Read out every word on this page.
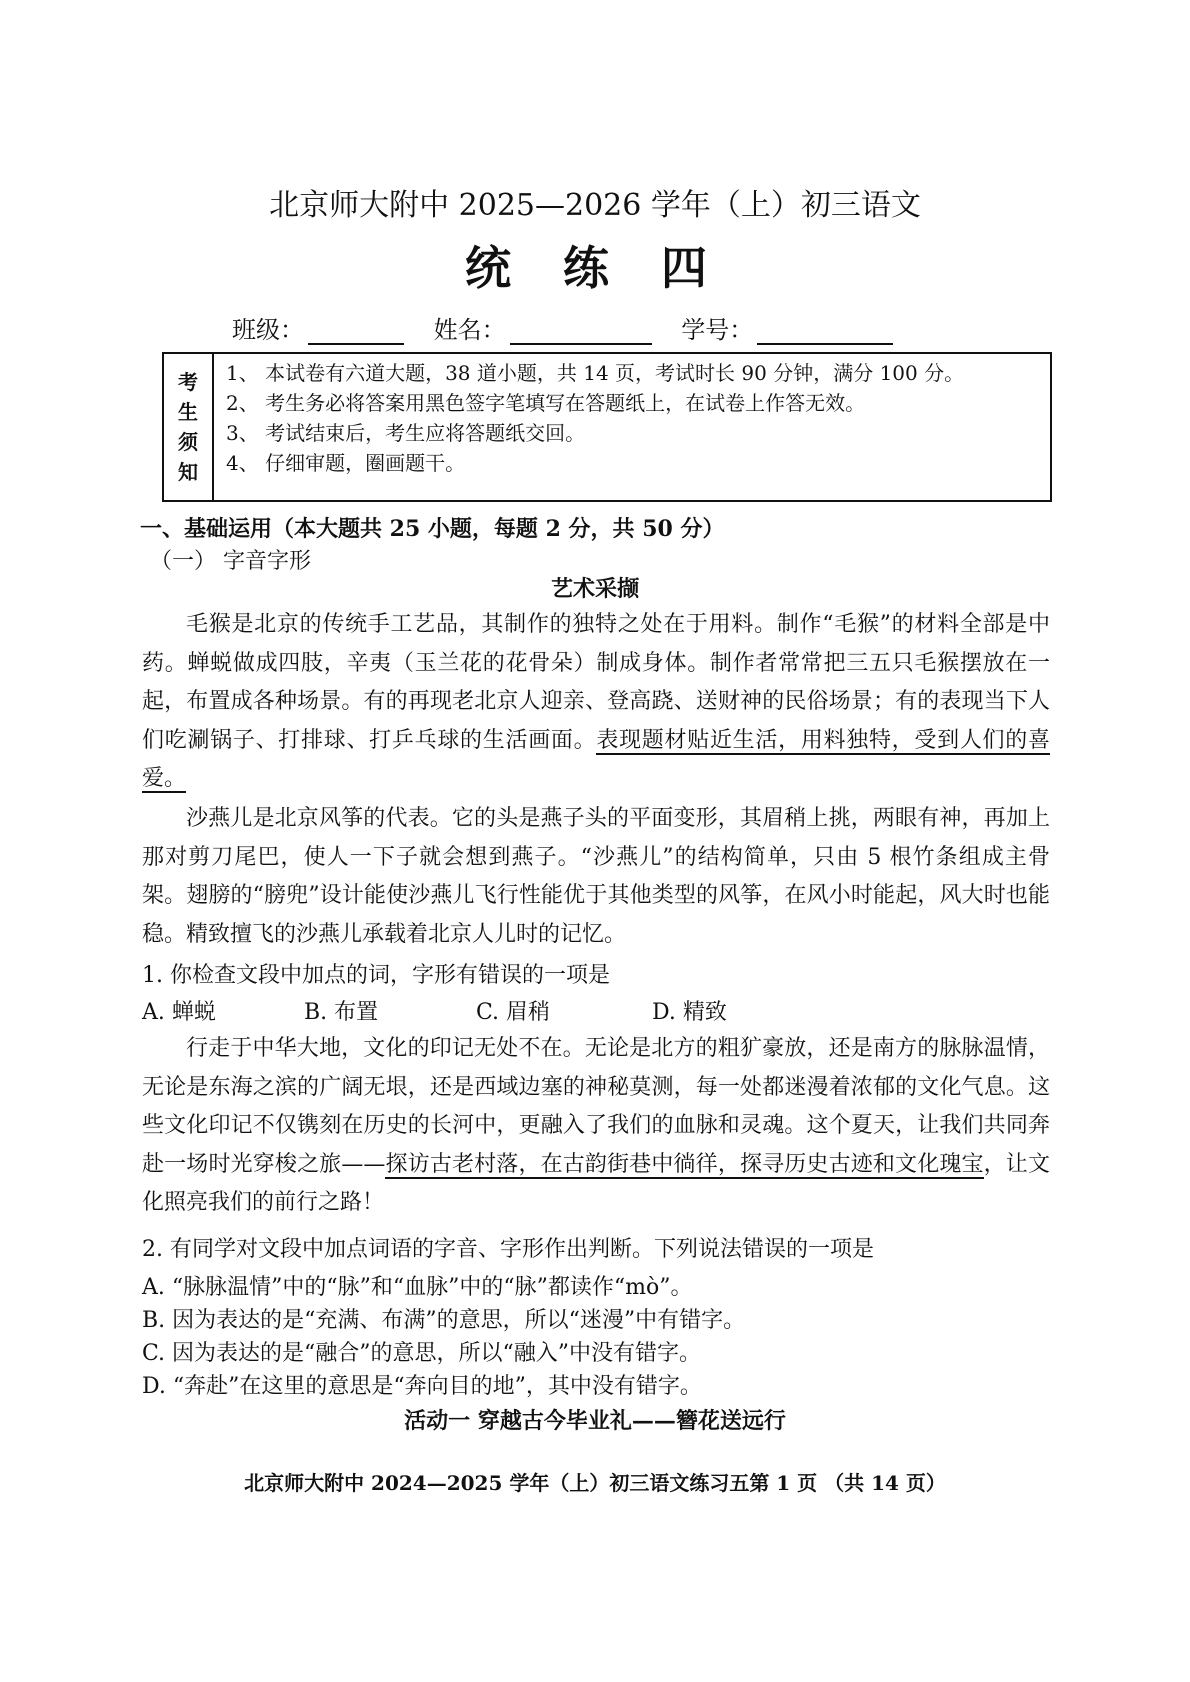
北京师大附中 2025—2026 学年（上）初三语文
统 练 四
班级：	姓名：	学号：
考
生
须
知
1、 本试卷有六道大题，38 道小题，共 14 页，考试时长 90 分钟，满分 100 分。
2、 考生务必将答案用黑色签字笔填写在答题纸上，在试卷上作答无效。
3、 考试结束后，考生应将答题纸交回。
4、 仔细审题，圈画题干。
一、基础运用（本大题共 25 小题，每题 2 分，共 50 分）
（一） 字音字形
艺术采撷
毛猴是北京的传统手工艺品，其制作的独特之处在于用料。制作“毛猴”的材料全部是中药。蝉蜕做成四肢，辛夷（玉兰花的花骨朵）制成身体。制作者常常把三五只毛猴摆放在一起，布置成各种场景。有的再现老北京人迎亲、登高跷、送财神的民俗场景；有的表现当下人们吃涮锅子、打排球、打乒乓球的生活画面。表现题材贴近生活，用料独特，受到人们的喜爱。
沙燕儿是北京风筝的代表。它的头是燕子头的平面变形，其眉稍上挑，两眼有神，再加上那对剪刀尾巴，使人一下子就会想到燕子。“沙燕儿”的结构简单，只由 5 根竹条组成主骨架。翅膀的“膀兜”设计能使沙燕儿飞行性能优于其他类型的风筝，在风小时能起，风大时也能稳。精致擅飞的沙燕儿承载着北京人儿时的记忆。
1. 你检查文段中加点的词，字形有错误的一项是
A. 蝉蜕	B. 布置	C. 眉稍	D. 精致
行走于中华大地，文化的印记无处不在。无论是北方的粗犷豪放，还是南方的脉脉温情，无论是东海之滨的广阔无垠，还是西域边塞的神秘莫测，每一处都迷漫着浓郁的文化气息。这些文化印记不仅镌刻在历史的长河中，更融入了我们的血脉和灵魂。这个夏天，让我们共同奔赴一场时光穿梭之旅——探访古老村落，在古韵街巷中徜徉，探寻历史古迹和文化瑰宝，让文化照亮我们的前行之路！
2. 有同学对文段中加点词语的字音、字形作出判断。下列说法错误的一项是
A. “脉脉温情”中的“脉”和“血脉”中的“脉”都读作“mò”。
B. 因为表达的是“充满、布满”的意思，所以“迷漫”中有错字。
C. 因为表达的是“融合”的意思，所以“融入”中没有错字。
D. “奔赴”在这里的意思是“奔向目的地”，其中没有错字。
活动一 穿越古今毕业礼——簪花送远行
北京师大附中 2024—2025 学年（上）初三语文练习五第 1 页 （共 14 页）
